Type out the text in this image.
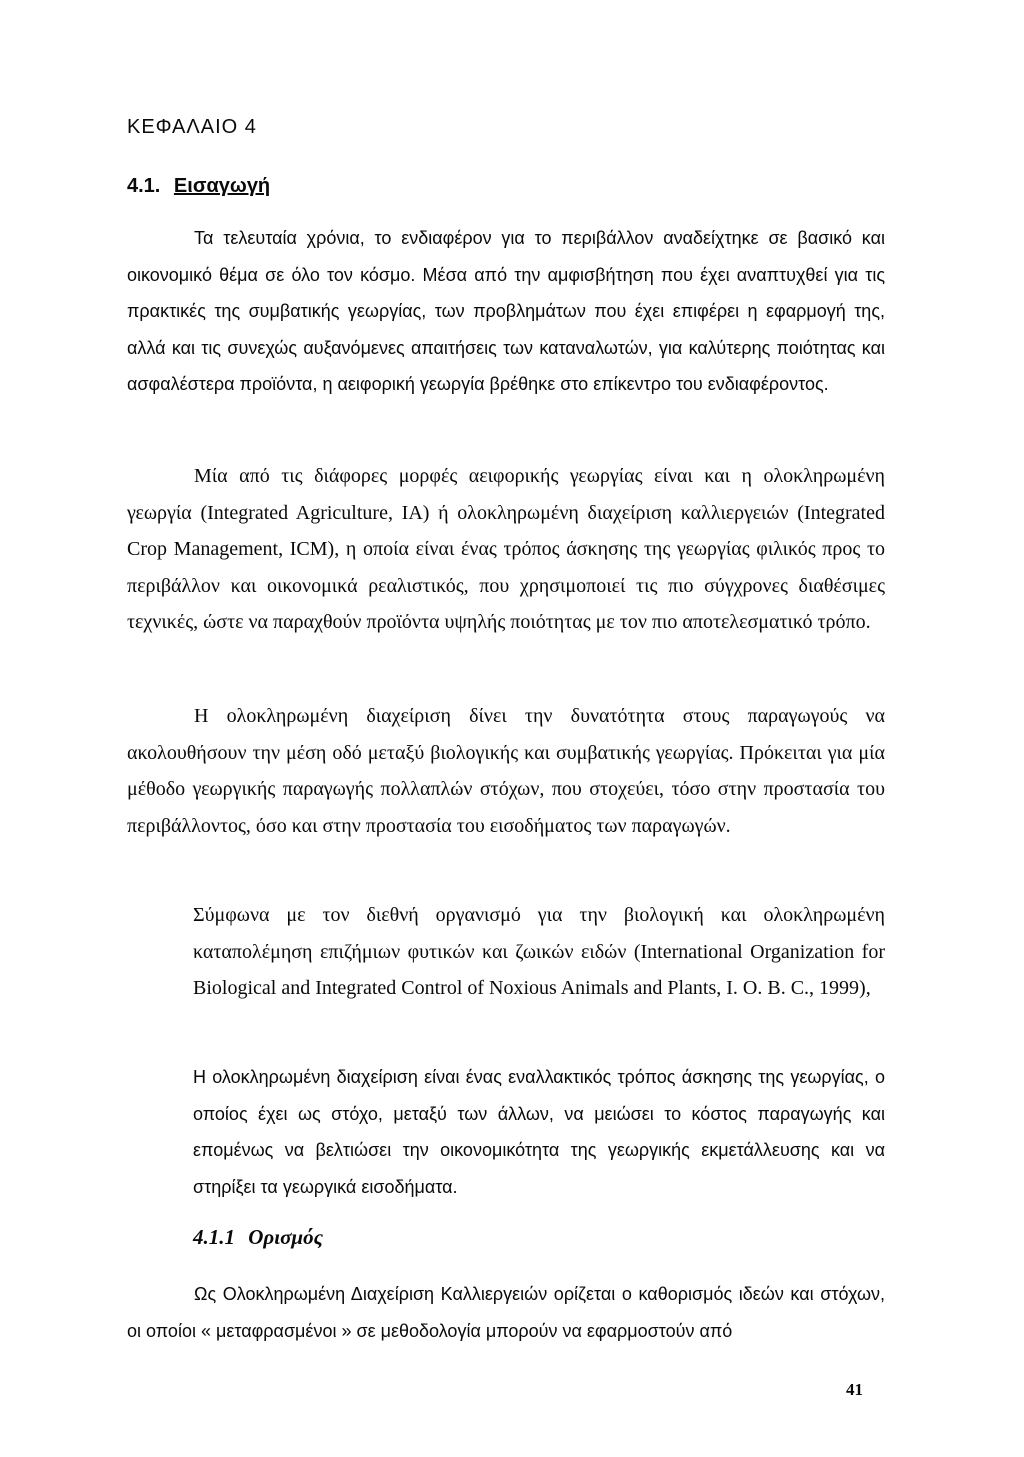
ΚΕΦΑΛΑΙΟ 4
4.1. Εισαγωγή

Τα τελευταία χρόνια, το ενδιαφέρον για το περιβάλλον αναδείχτηκε σε βασικό και οικονομικό θέμα σε όλο τον κόσμο. Μέσα από την αμφισβήτηση που έχει αναπτυχθεί για τις πρακτικές της συμβατικής γεωργίας, των προβλημάτων που έχει επιφέρει η εφαρμογή της, αλλά και τις συνεχώς αυξανόμενες απαιτήσεις των καταναλωτών, για καλύτερης ποιότητας και ασφαλέστερα προϊόντα, η αειφορική γεωργία βρέθηκε στο επίκεντρο του ενδιαφέροντος.

Μία από τις διάφορες μορφές αειφορικής γεωργίας είναι και η ολοκληρωμένη γεωργία (Integrated Agriculture, IA) ή ολοκληρωμένη διαχείριση καλλιεργειών (Integrated Crop Management, ICM), η οποία είναι ένας τρόπος άσκησης της γεωργίας φιλικός προς το περιβάλλον και οικονομικά ρεαλιστικός, που χρησιμοποιεί τις πιο σύγχρονες διαθέσιμες τεχνικές, ώστε να παραχθούν προϊόντα υψηλής ποιότητας με τον πιο αποτελεσματικό τρόπο.

Η ολοκληρωμένη διαχείριση δίνει την δυνατότητα στους παραγωγούς να ακολουθήσουν την μέση οδό μεταξύ βιολογικής και συμβατικής γεωργίας. Πρόκειται για μία μέθοδο γεωργικής παραγωγής πολλαπλών στόχων, που στοχεύει, τόσο στην προστασία του περιβάλλοντος, όσο και στην προστασία του εισοδήματος των παραγωγών.

Σύμφωνα με τον διεθνή οργανισμό για την βιολογική και ολοκληρωμένη καταπολέμηση επιζήμιων φυτικών και ζωικών ειδών (International Organization for Biological and Integrated Control of Noxious Animals and Plants, I. O. B. C., 1999),

Η ολοκληρωμένη διαχείριση είναι ένας εναλλακτικός τρόπος άσκησης της γεωργίας, ο οποίος έχει ως στόχο, μεταξύ των άλλων, να μειώσει το κόστος παραγωγής και επομένως να βελτιώσει την οικονομικότητα της γεωργικής εκμετάλλευσης και να στηρίξει τα γεωργικά εισοδήματα.

4.1.1 Ορισμός

Ως Ολοκληρωμένη Διαχείριση Καλλιεργειών ορίζεται ο καθορισμός ιδεών και στόχων, οι οποίοι « μεταφρασμένοι » σε μεθοδολογία μπορούν να εφαρμοστούν από

41
